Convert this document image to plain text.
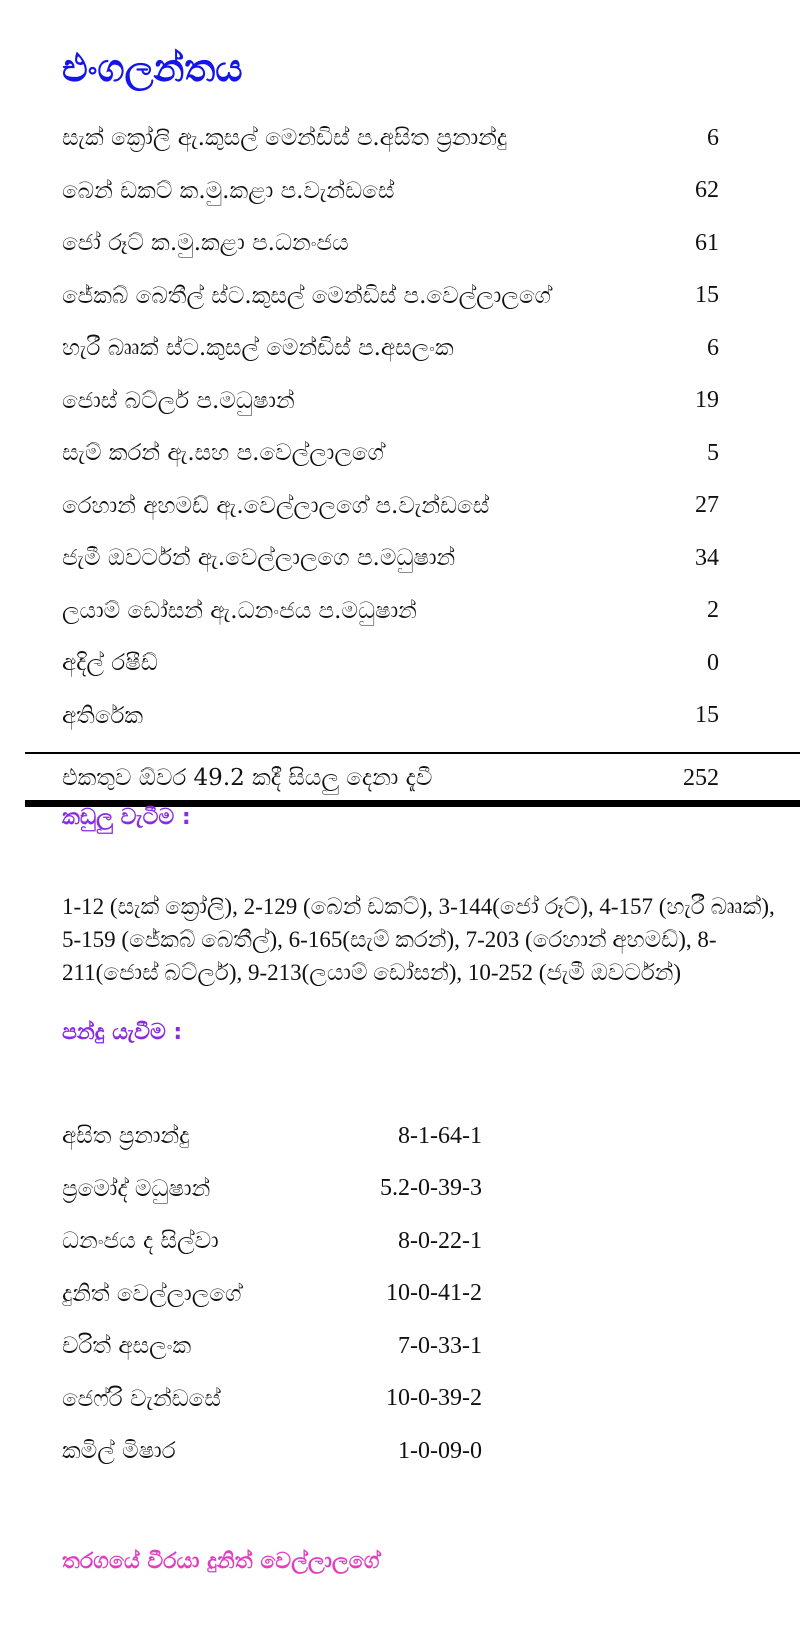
එංගලන්තය
සැක් ක්‍රෝලි ඇ.කුසල් මෙන්ඩිස් ප.අසිත ප්‍රනාන්දු	6
බෙන් ඩකට් ක.මු.කළා ප.වැන්ඩසේ	62
ජෝ රූට් ක.මු.කළා ප.ධනංජය	61
ජේකබ් බෙතීල් ස්ට.කුසල් මෙන්ඩිස් ප.වෙල්ලාලගේ	15
හැරී බෲක් ස්ට.කුසල් මෙන්ඩිස් ප.අසලංක	6
ජොස් බට්ලර් ප.මධුෂාන්	19
සැම් කරන් ඇ.සහ ප.වෙල්ලාලගේ	5
රෙහාන් අහමඩ් ඇ.වෙල්ලාලගේ ප.වැන්ඩසේ	27
ජැමී ඔවර්ටන් ඇ.වෙල්ලාලගෙ ප.මධුෂාන්	34
ලයාම් ඩෝසන් ඇ.ධනංජය ප.මධුෂාන්	2
අදිල් රෂීඩ්	0
අතිරේක	15
එකතුව ඕවර 49.2 කදී සියලු දෙනා දැවී	252
කඩුලු වැටීම :
1-12 (සැක් ක්‍රෝලි), 2-129 (බෙන් ඩකට්), 3-144(ජෝ රූට්), 4-157 (හැරී බෲක්), 5-159 (ජේකබ් බෙතීල්), 6-165(සැම් කරන්), 7-203 (රෙහාන් අහමඩ්), 8-211(ජොස් බට්ලර්), 9-213(ලයාම් ඩෝසන්), 10-252 (ජැමී ඔවර්ටන්)
පන්දු යැවීම :
අසිත ප්‍රනාන්දු	8-1-64-1
ප්‍රමෝද් මධුෂාන්	5.2-0-39-3
ධනංජය ද සිල්වා	8-0-22-1
දුනිත් වෙල්ලාලගේ	10-0-41-2
චරිත් අසලංක	7-0-33-1
ජෙෆ්රි වැන්ඩසේ	10-0-39-2
කමිල් මිෂාර	1-0-09-0
තරගයේ වීරයා දුනිත් වෙල්ලාලගේ
